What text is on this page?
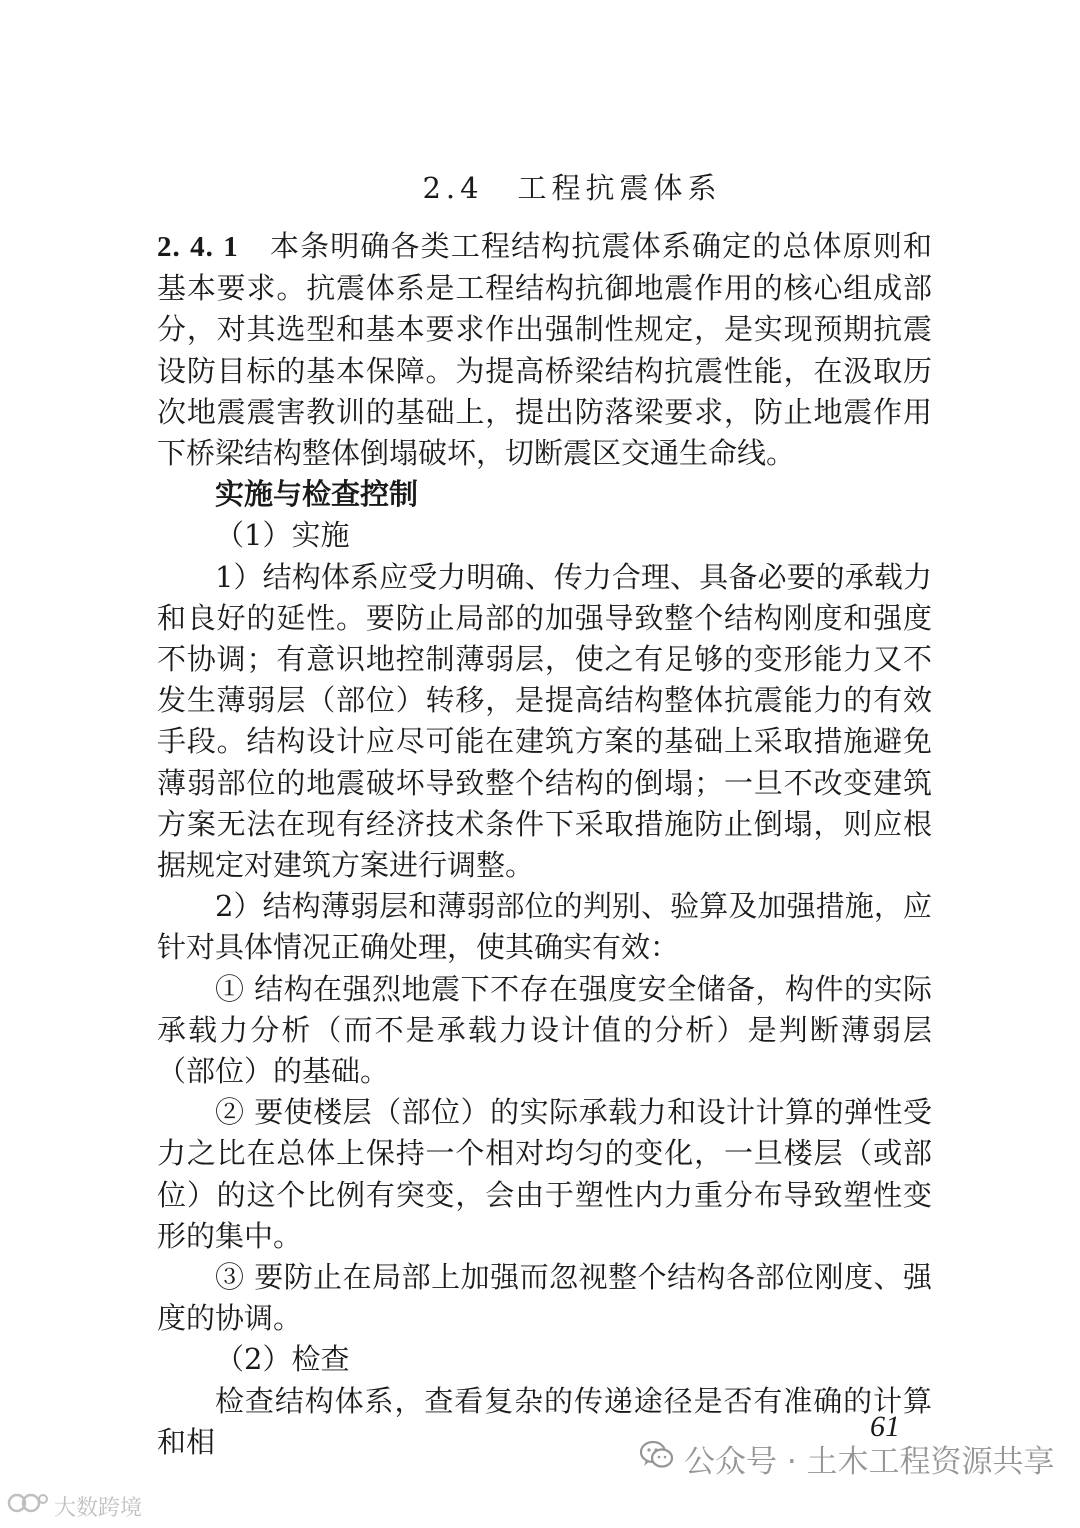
2.4　工程抗震体系

2. 4. 1 本条明确各类工程结构抗震体系确定的总体原则和基本要求。抗震体系是工程结构抗御地震作用的核心组成部分，对其选型和基本要求作出强制性规定，是实现预期抗震设防目标的基本保障。为提高桥梁结构抗震性能，在汲取历次地震震害教训的基础上，提出防落梁要求，防止地震作用下桥梁结构整体倒塌破坏，切断震区交通生命线。

实施与检查控制

（1）实施

1）结构体系应受力明确、传力合理、具备必要的承载力和良好的延性。要防止局部的加强导致整个结构刚度和强度不协调；有意识地控制薄弱层，使之有足够的变形能力又不发生薄弱层（部位）转移，是提高结构整体抗震能力的有效手段。结构设计应尽可能在建筑方案的基础上采取措施避免薄弱部位的地震破坏导致整个结构的倒塌；一旦不改变建筑方案无法在现有经济技术条件下采取措施防止倒塌，则应根据规定对建筑方案进行调整。

2）结构薄弱层和薄弱部位的判别、验算及加强措施，应针对具体情况正确处理，使其确实有效：

① 结构在强烈地震下不存在强度安全储备，构件的实际承载力分析（而不是承载力设计值的分析）是判断薄弱层（部位）的基础。

② 要使楼层（部位）的实际承载力和设计计算的弹性受力之比在总体上保持一个相对均匀的变化，一旦楼层（或部位）的这个比例有突变，会由于塑性内力重分布导致塑性变形的集中。

③ 要防止在局部上加强而忽视整个结构各部位刚度、强度的协调。

（2）检查

检查结构体系，查看复杂的传递途径是否有准确的计算和相	61
公众号 · 土木工程资源共享
大数跨境
